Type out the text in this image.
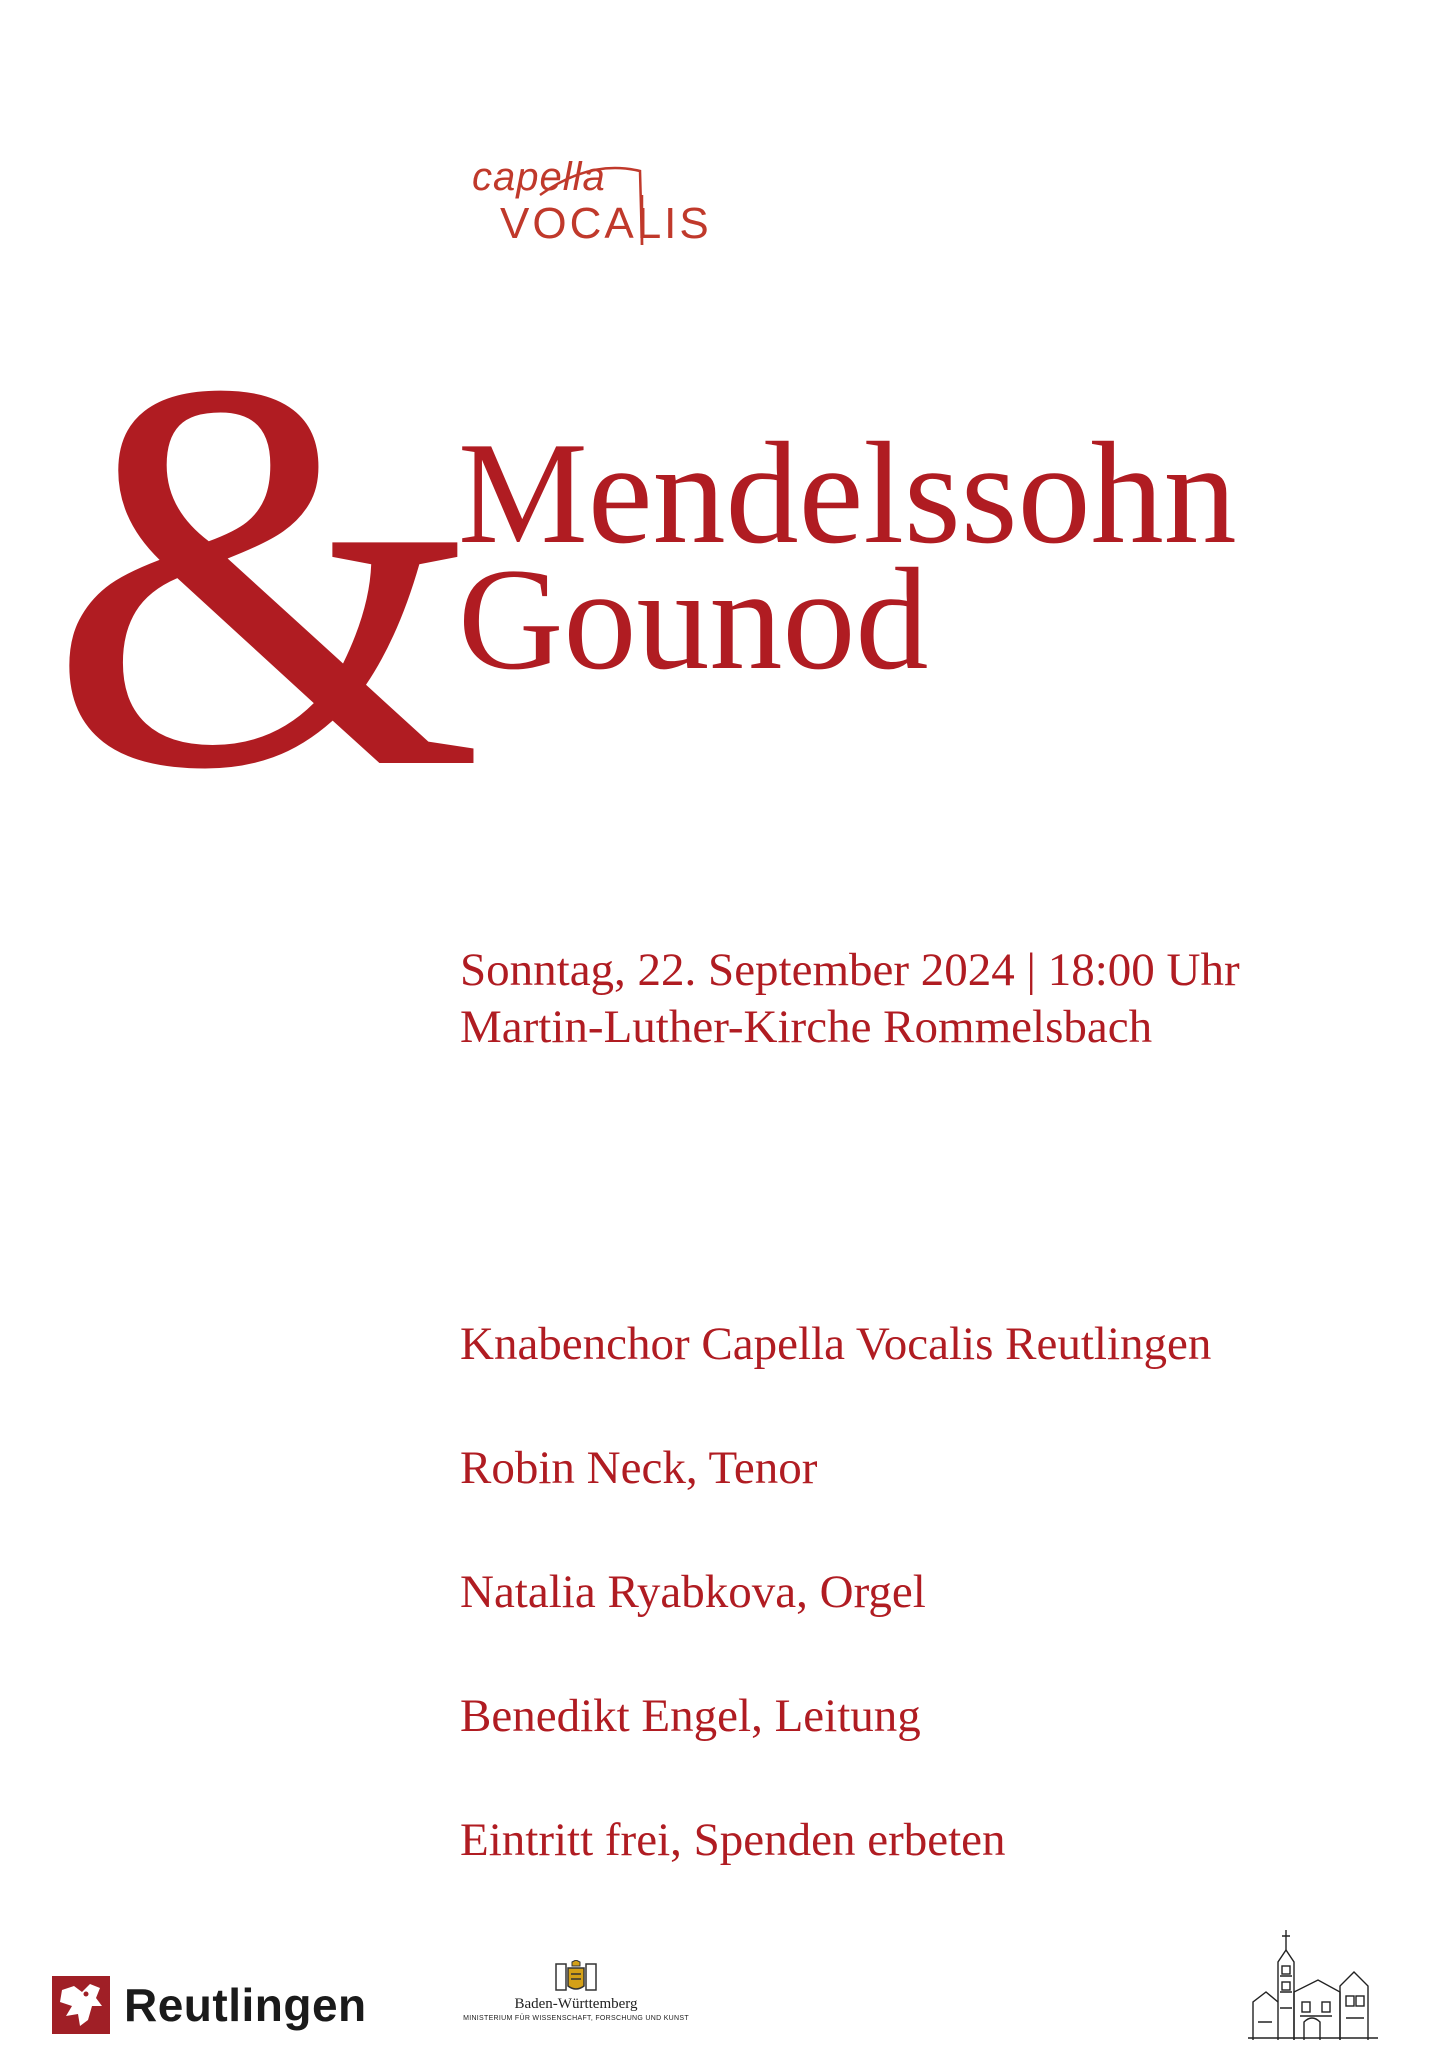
capella
VOCALIS
&
Mendelssohn
Gounod
Sonntag, 22. September 2024 | 18:00 Uhr
Martin-Luther-Kirche Rommelsbach
Knabenchor Capella Vocalis Reutlingen
Robin Neck, Tenor
Natalia Ryabkova, Orgel
Benedikt Engel, Leitung
Eintritt frei, Spenden erbeten
Reutlingen	Baden-Württemberg
MINISTERIUM FÜR WISSENSCHAFT, FORSCHUNG UND KUNST
